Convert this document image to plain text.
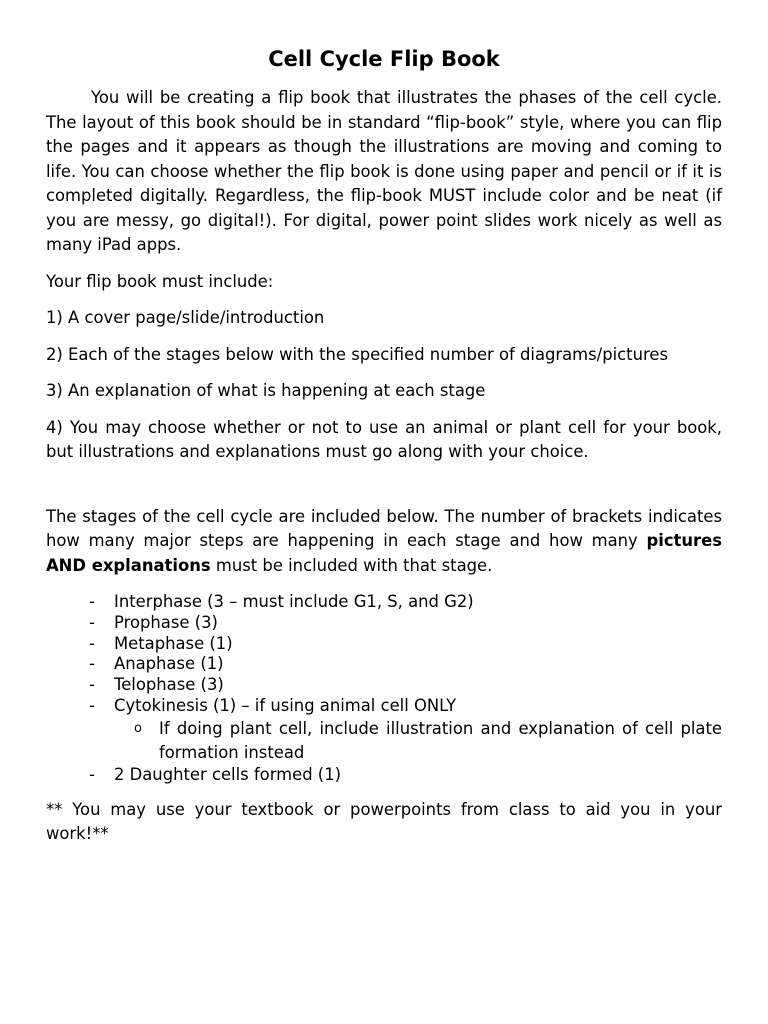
Cell Cycle Flip Book

You will be creating a flip book that illustrates the phases of the cell cycle. The layout of this book should be in standard “flip-book” style, where you can flip the pages and it appears as though the illustrations are moving and coming to life. You can choose whether the flip book is done using paper and pencil or if it is completed digitally. Regardless, the flip-book MUST include color and be neat (if you are messy, go digital!). For digital, power point slides work nicely as well as many iPad apps.

Your flip book must include:

1) A cover page/slide/introduction

2) Each of the stages below with the specified number of diagrams/pictures

3) An explanation of what is happening at each stage

4) You may choose whether or not to use an animal or plant cell for your book, but illustrations and explanations must go along with your choice.

The stages of the cell cycle are included below. The number of brackets indicates how many major steps are happening in each stage and how many pictures AND explanations must be included with that stage.

- Interphase (3 – must include G1, S, and G2)
- Prophase (3)
- Metaphase (1)
- Anaphase (1)
- Telophase (3)
- Cytokinesis (1) – if using animal cell ONLY
o If doing plant cell, include illustration and explanation of cell plate formation instead
- 2 Daughter cells formed (1)

** You may use your textbook or powerpoints from class to aid you in your work!**
